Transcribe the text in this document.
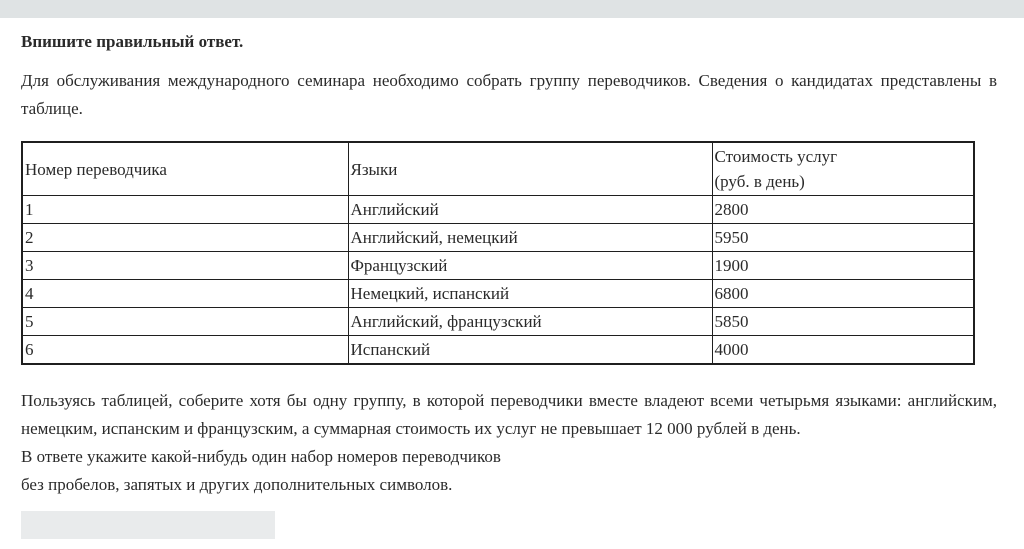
Впишите правильный ответ.

Для обслуживания международного семинара необходимо собрать группу переводчиков. Сведения о кандидатах представлены в таблице.

Номер переводчика	Языки	Стоимость услуг
(руб. в день)
1	Английский	2800
2	Английский, немецкий	5950
3	Французский	1900
4	Немецкий, испанский	6800
5	Английский, французский	5850
6	Испанский	4000

Пользуясь таблицей, соберите хотя бы одну группу, в которой переводчики вместе владеют всеми четырьмя языками: английским, немецким, испанским и французским, а суммарная стоимость их услуг не превышает 12 000 рублей в день.
В ответе укажите какой-нибудь один набор номеров переводчиков
без пробелов, запятых и других дополнительных символов.
